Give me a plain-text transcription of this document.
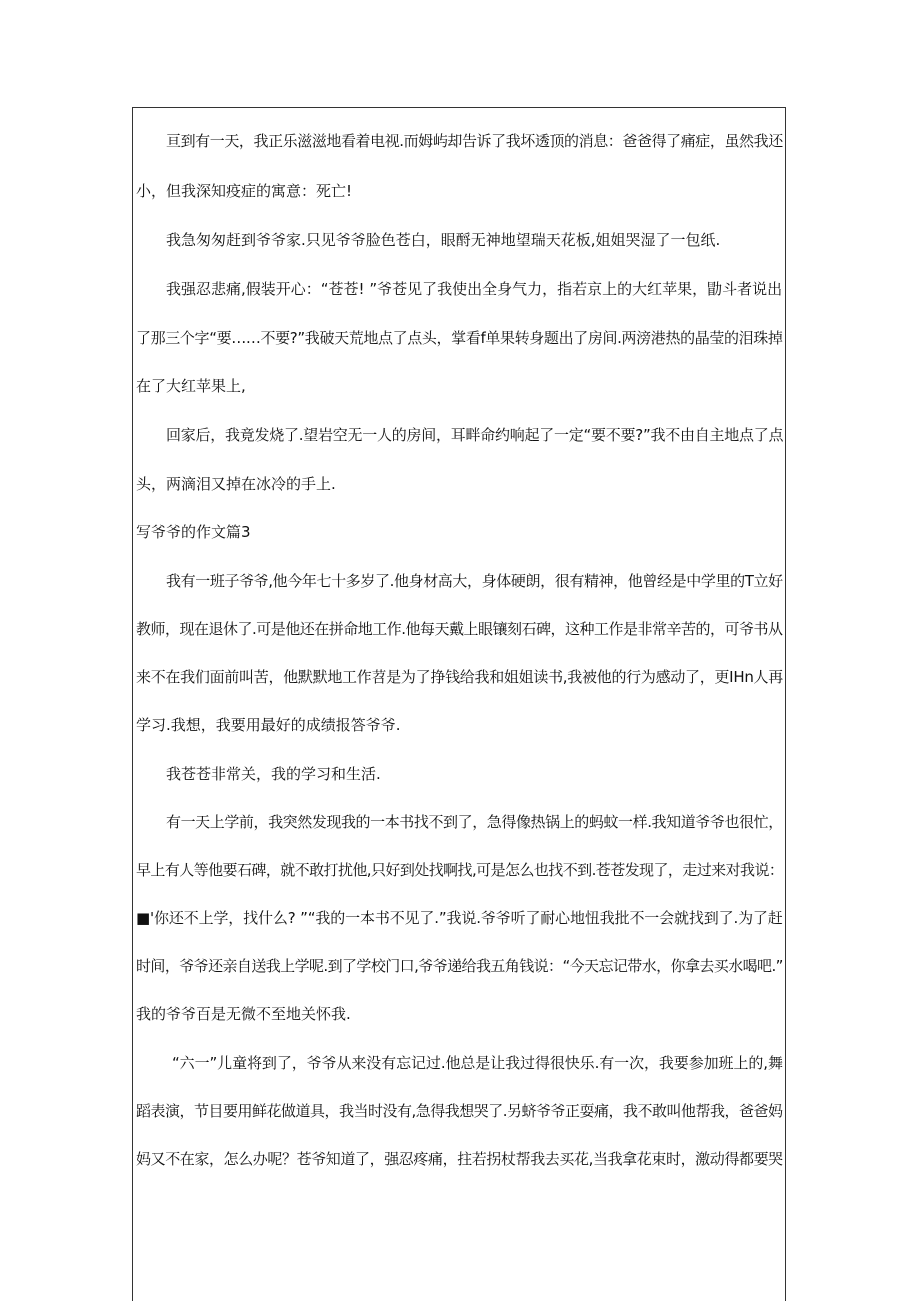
亘到有一天，我正乐滋滋地看着电视.而姆屿却告诉了我坏透顶的消息：爸爸得了痛症，虽然我还
小，但我深知疫症的寓意：死亡!
我急匆匆赶到爷爷家.只见爷爷脸色苍白，眼酹无神地望瑞天花板,姐姐哭湿了一包纸.
我强忍悲痛,假装开心：“苍苍! ”爷苍见了我使出全身气力，指若京上的大红苹果，勖斗者说出
了那三个字“要……不要?”我破天荒地点了点头，掌看f单果转身题出了房间.两滂港热的晶莹的泪珠掉
在了大红苹果上,
回家后，我竟发烧了.望岩空无一人的房间，耳畔命约响起了一定“要不要?”我不由自主地点了点
头，两滴泪又掉在冰冷的手上.
写爷爷的作文篇3
我有一班子爷爷,他今年七十多岁了.他身材高大，身体硬朗，很有精神，他曾经是中学里的T立好
教师，现在退休了.可是他还在拼命地工作.他每天戴上眼镶刻石碑，这种工作是非常辛苦的，可爷书从
来不在我们面前叫苦，他默默地工作苕是为了挣钱给我和姐姐读书,我被他的行为感动了，更IHn人再
学习.我想，我要用最好的成绩报答爷爷.
我苍苍非常关，我的学习和生活.
有一天上学前，我突然发现我的一本书找不到了，急得像热锅上的蚂蚊一样.我知道爷爷也很忙，
早上有人等他要石碑，就不敢打扰他,只好到处找啊找,可是怎么也找不到.苍苍发现了，走过来对我说：
■'你还不上学，找什么? ”“我的一本书不见了.”我说.爷爷听了耐心地忸我批不一会就找到了.为了赶
时间，爷爷还亲自送我上学呢.到了学校门口,爷爷递给我五角钱说：“今天忘记带水，你拿去买水喝吧.”
我的爷爷百是无微不至地关怀我.
“六一”儿童将到了，爷爷从来没有忘记过.他总是让我过得很快乐.有一次，我要参加班上的,舞
蹈表演，节目要用鲜花做道具，我当时没有,急得我想哭了.另蛴爷爷正耍痛，我不敢叫他帮我，爸爸妈
妈又不在家，怎么办呢？苍爷知道了，强忍疼痛，拄若拐杖帮我去买花,当我拿花束时，激动得都要哭
